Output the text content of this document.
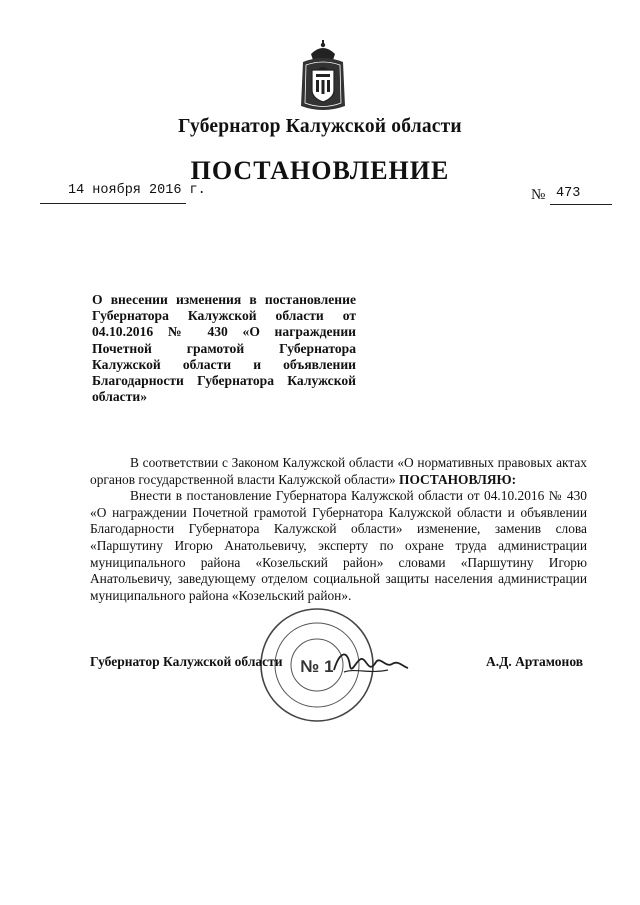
Губернатор Калужской области
ПОСТАНОВЛЕНИЕ
14 ноября 2016 г.	№ 473
О внесении изменения в постановление Губернатора Калужской области от 04.10.2016 № 430 «О награждении Почетной грамотой Губернатора Калужской области и объявлении Благодарности Губернатора Калужской области»

В соответствии с Законом Калужской области «О нормативных правовых актах органов государственной власти Калужской области» ПОСТАНОВЛЯЮ:

Внести в постановление Губернатора Калужской области от 04.10.2016 № 430 «О награждении Почетной грамотой Губернатора Калужской области и объявлении Благодарности Губернатора Калужской области» изменение, заменив слова «Паршутину Игорю Анатольевичу, эксперту по охране труда администрации муниципального района «Козельский район» словами «Паршутину Игорю Анатольевичу, заведующему отделом социальной защиты населения администрации муниципального района «Козельский район».

№ 1
Губернатор Калужской области	А.Д. Артамонов
